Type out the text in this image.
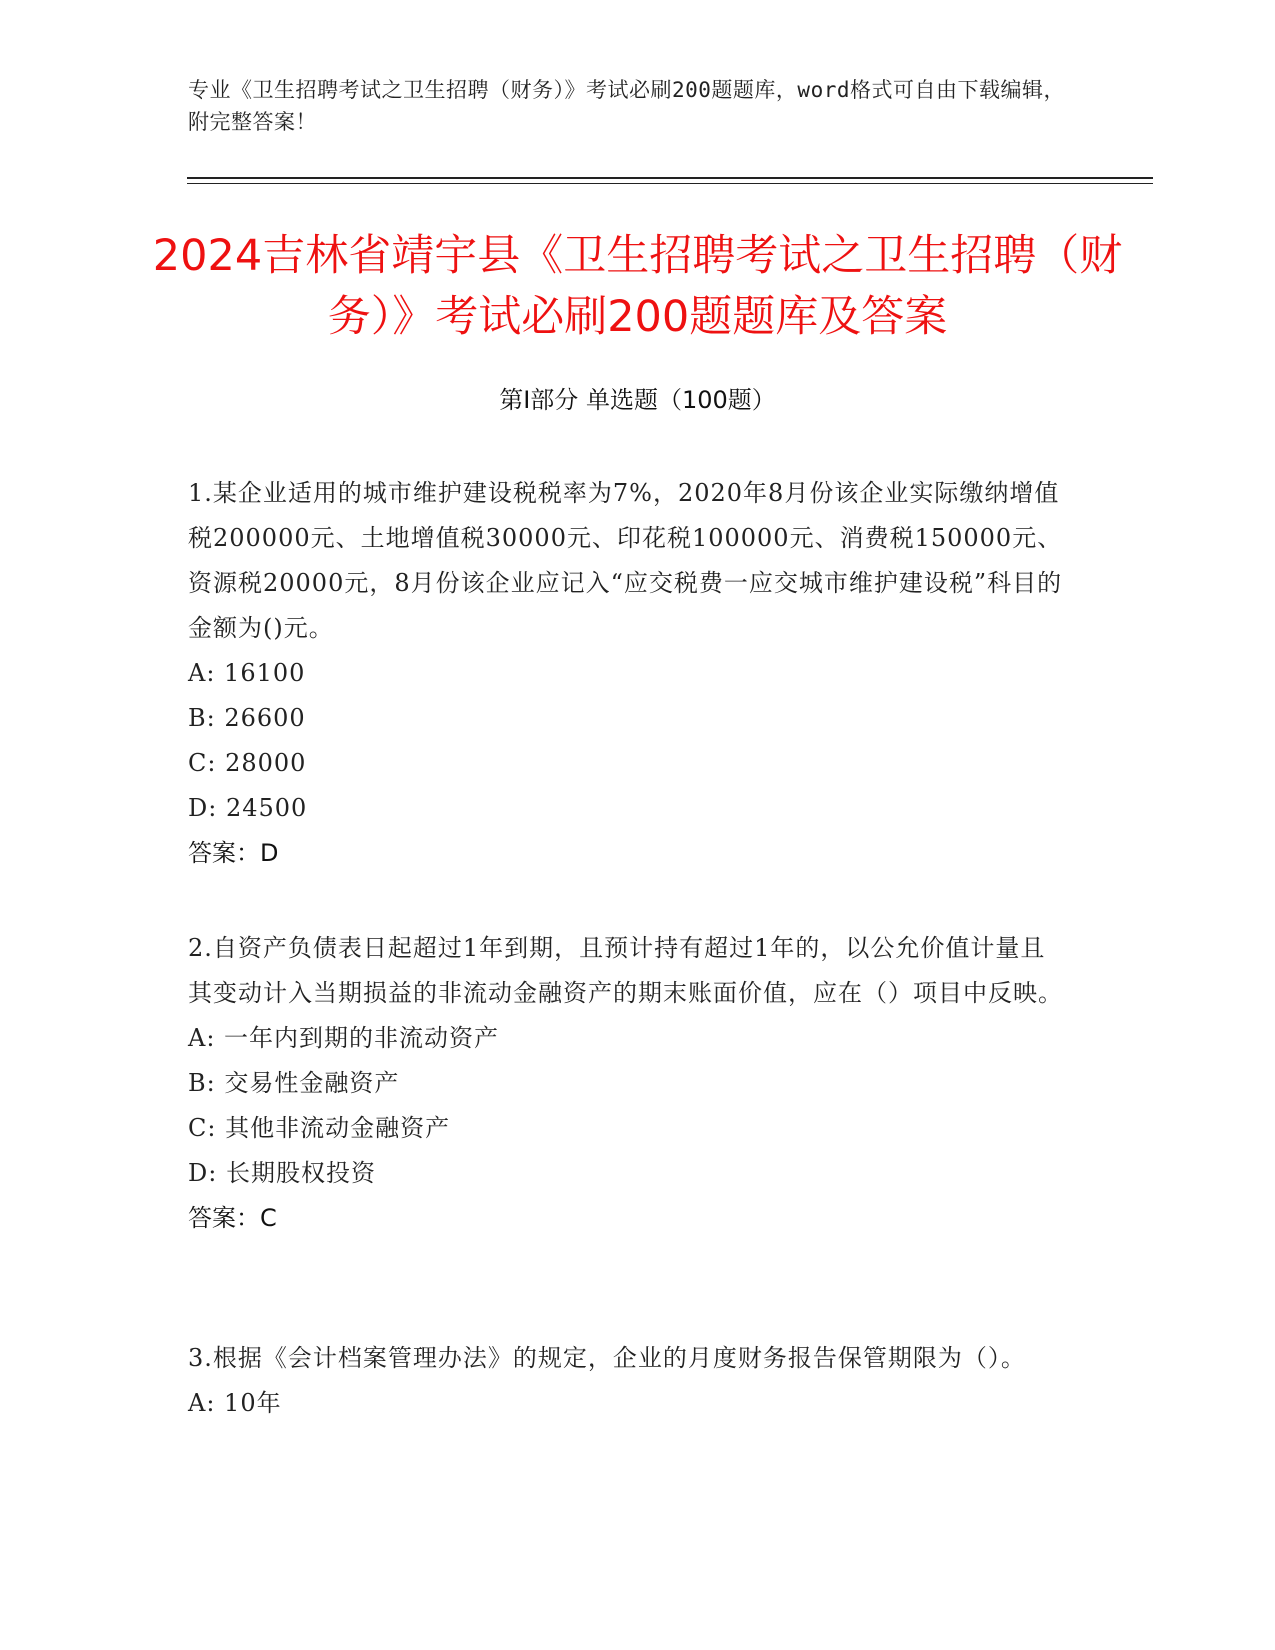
专业《卫生招聘考试之卫生招聘（财务）》考试必刷200题题库，word格式可自由下载编辑，附完整答案！
2024吉林省靖宇县《卫生招聘考试之卫生招聘（财务）》考试必刷200题题库及答案
第I部分 单选题（100题）

1.某企业适用的城市维护建设税税率为7%，2020年8月份该企业实际缴纳增值税200000元、土地增值税30000元、印花税100000元、消费税150000元、资源税20000元，8月份该企业应记入“应交税费一应交城市维护建设税”科目的金额为()元。

A: 16100

B: 26600

C: 28000

D: 24500

答案：D

2.自资产负债表日起超过1年到期，且预计持有超过1年的，以公允价值计量且其变动计入当期损益的非流动金融资产的期末账面价值，应在（）项目中反映。

A: 一年内到期的非流动资产

B: 交易性金融资产

C: 其他非流动金融资产

D: 长期股权投资

答案：C

3.根据《会计档案管理办法》的规定，企业的月度财务报告保管期限为（）。

A: 10年
